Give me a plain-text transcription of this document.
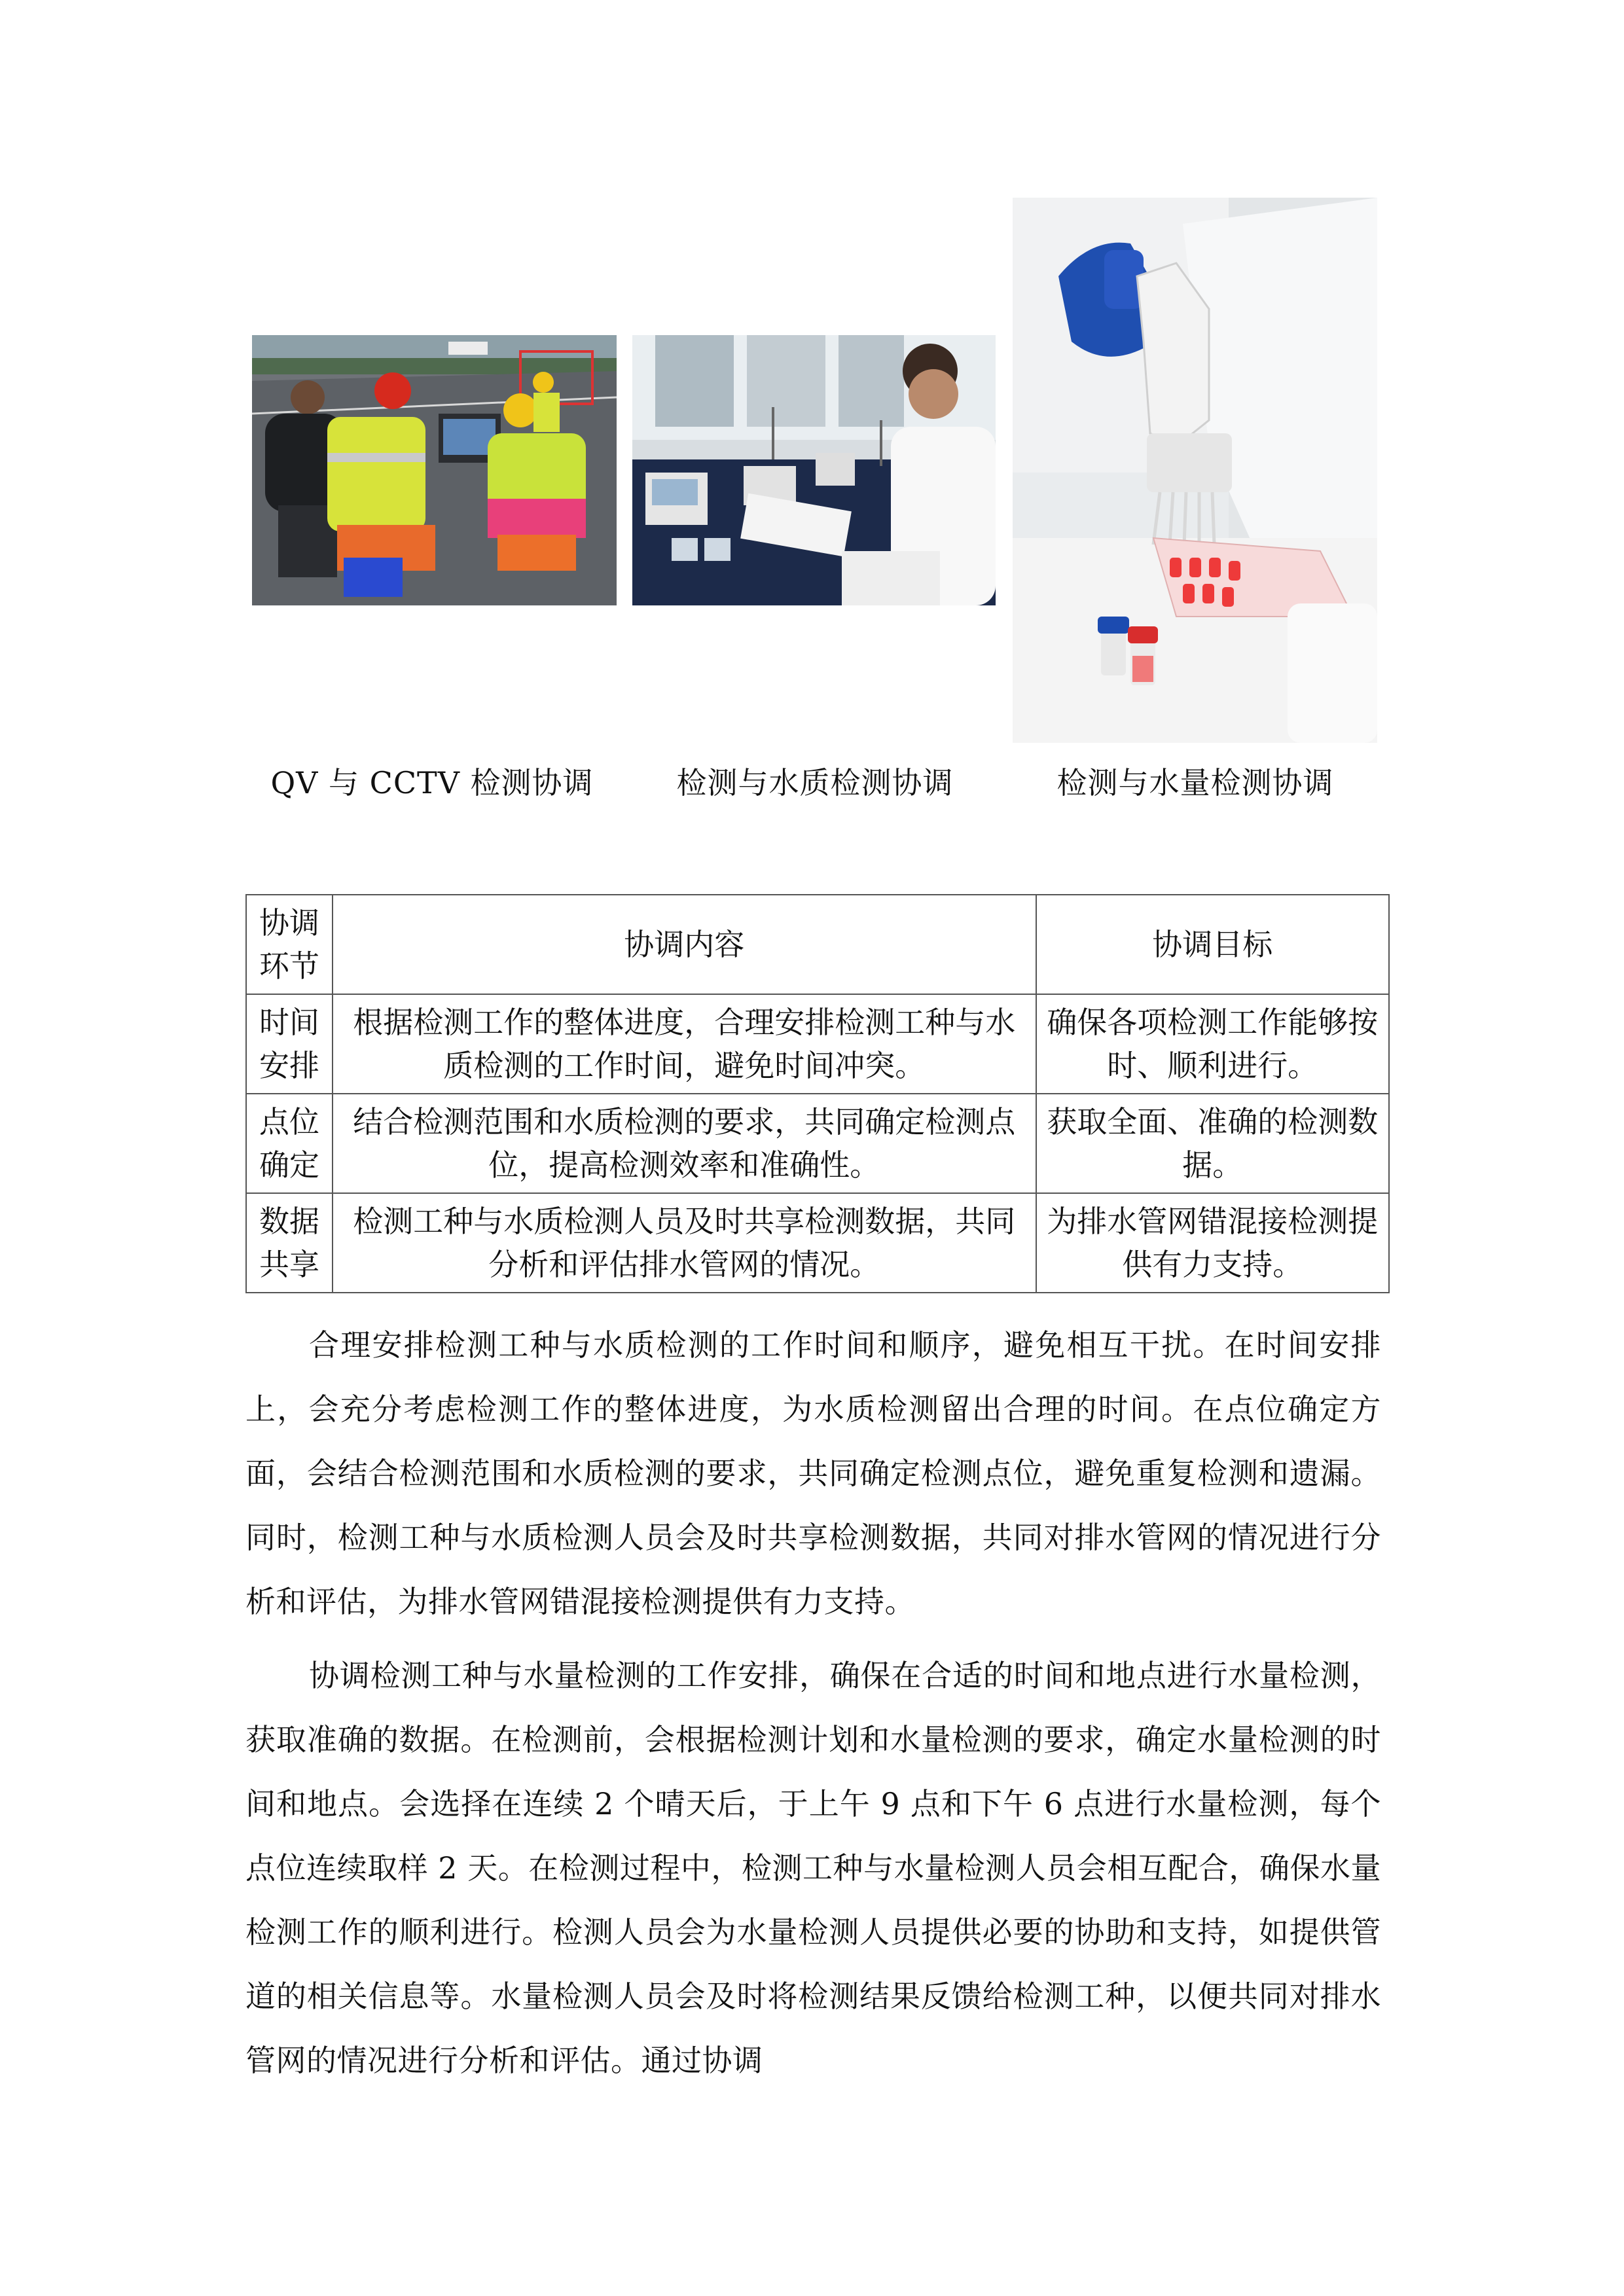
QV 与 CCTV 检测协调	检测与水质检测协调	检测与水量检测协调
协调环节	协调内容	协调目标
时间安排	根据检测工作的整体进度，合理安排检测工种与水质检测的工作时间，避免时间冲突。	确保各项检测工作能够按时、顺利进行。
点位确定	结合检测范围和水质检测的要求，共同确定检测点位，提高检测效率和准确性。	获取全面、准确的检测数据。
数据共享	检测工种与水质检测人员及时共享检测数据，共同分析和评估排水管网的情况。	为排水管网错混接检测提供有力支持。

合理安排检测工种与水质检测的工作时间和顺序，避免相互干扰。在时间安排上，会充分考虑检测工作的整体进度，为水质检测留出合理的时间。在点位确定方面，会结合检测范围和水质检测的要求，共同确定检测点位，避免重复检测和遗漏。同时，检测工种与水质检测人员会及时共享检测数据，共同对排水管网的情况进行分析和评估，为排水管网错混接检测提供有力支持。

协调检测工种与水量检测的工作安排，确保在合适的时间和地点进行水量检测，获取准确的数据。在检测前，会根据检测计划和水量检测的要求，确定水量检测的时间和地点。会选择在连续 2 个晴天后，于上午 9 点和下午 6 点进行水量检测，每个点位连续取样 2 天。在检测过程中，检测工种与水量检测人员会相互配合，确保水量检测工作的顺利进行。检测人员会为水量检测人员提供必要的协助和支持，如提供管道的相关信息等。水量检测人员会及时将检测结果反馈给检测工种，以便共同对排水管网的情况进行分析和评估。通过协调
